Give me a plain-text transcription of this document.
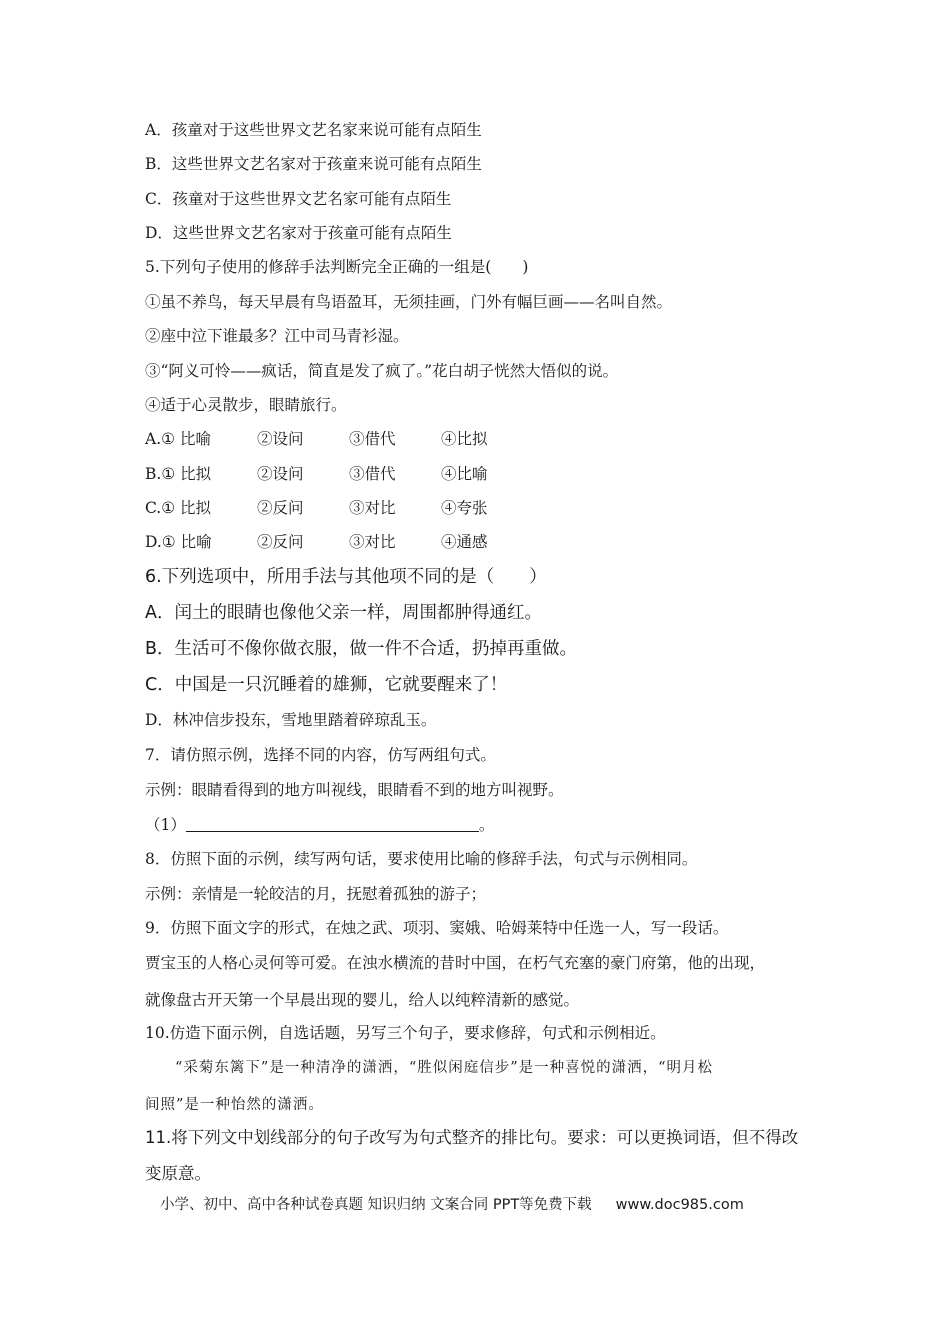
A．孩童对于这些世界文艺名家来说可能有点陌生
B．这些世界文艺名家对于孩童来说可能有点陌生
C．孩童对于这些世界文艺名家可能有点陌生
D．这些世界文艺名家对于孩童可能有点陌生
5.下列句子使用的修辞手法判断完全正确的一组是(　　)
①虽不养鸟，每天早晨有鸟语盈耳，无须挂画，门外有幅巨画——名叫自然。
②座中泣下谁最多？江中司马青衫湿。
③“阿义可怜——疯话，简直是发了疯了。”花白胡子恍然大悟似的说。
④适于心灵散步，眼睛旅行。
A.① 比喻	②设问	③借代	④比拟
B.① 比拟	②设问	③借代	④比喻
C.① 比拟	②反问	③对比	④夸张
D.① 比喻	②反问	③对比	④通感
6.下列选项中，所用手法与其他项不同的是（　　）
A．闰土的眼睛也像他父亲一样，周围都肿得通红。
B．生活可不像你做衣服，做一件不合适，扔掉再重做。
C．中国是一只沉睡着的雄狮，它就要醒来了！
D．林冲信步投东，雪地里踏着碎琼乱玉。
7．请仿照示例，选择不同的内容，仿写两组句式。
示例：眼睛看得到的地方叫视线，眼睛看不到的地方叫视野。
（1）	。
8．仿照下面的示例，续写两句话，要求使用比喻的修辞手法，句式与示例相同。
示例：亲情是一轮皎洁的月，抚慰着孤独的游子；
9．仿照下面文字的形式，在烛之武、项羽、窦娥、哈姆莱特中任选一人，写一段话。
贾宝玉的人格心灵何等可爱。在浊水横流的昔时中国，在朽气充塞的豪门府第，他的出现，
就像盘古开天第一个早晨出现的婴儿，给人以纯粹清新的感觉。
10.仿造下面示例，自选话题，另写三个句子，要求修辞，句式和示例相近。
“采菊东篱下”是一种清净的潇洒，“胜似闲庭信步”是一种喜悦的潇洒，“明月松
间照”是一种怡然的潇洒。
11.将下列文中划线部分的句子改写为句式整齐的排比句。要求：可以更换词语，但不得改
变原意。
小学、初中、高中各种试卷真题 知识归纳 文案合同 PPT等免费下载 www.doc985.com
